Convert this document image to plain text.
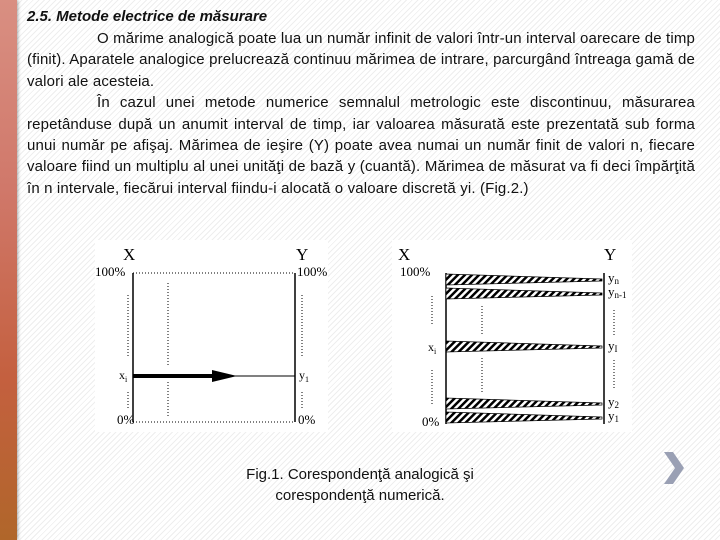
2.5. Metode electrice de măsurare

O mărime analogică poate lua un număr infinit de valori într-un interval oarecare de timp (finit). Aparatele analogice prelucrează continuu mărimea de intrare, parcurgând întreaga gamă de valori ale acesteia.

În cazul unei metode numerice semnalul metrologic este discontinuu, măsurarea repetânduse după un anumit interval de timp, iar valoarea măsurată este prezentată sub forma unui număr pe afişaj. Mărimea de ieşire (Y) poate avea numai un număr finit de valori n, fiecare valoare fiind un multiplu al unei unităţi de bază y (cuantă). Mărimea de măsurat va fi deci împărţită în n intervale, fiecărui interval fiindu-i alocată o valoare discretă yi. (Fig.2.)

X	Y
100%	100%
0%	0%
$x_i$	$y_1$
X	Y
100%
0%
$x_i$
yn
yn-1
yI
y2
y1
Fig.1. Corespondenţă analogică şi
corespondenţă numerică.
